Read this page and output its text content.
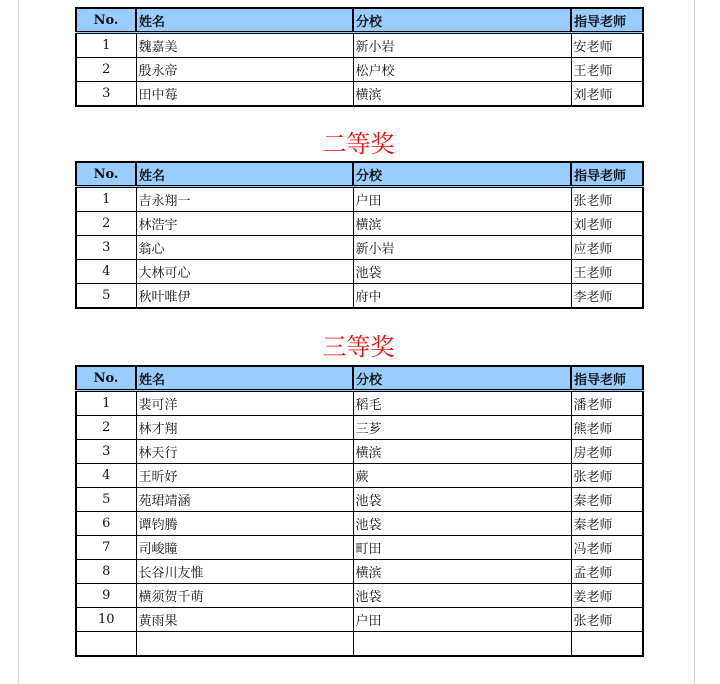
No.	姓名	分校	指导老师
1	魏嘉美	新小岩	安老师
2	殷永帝	松户校	王老师
3	田中莓	横滨	刘老师
二等奖
No.	姓名	分校	指导老师
1	吉永翔一	户田	张老师
2	林浩宇	横滨	刘老师
3	翁心	新小岩	应老师
4	大林可心	池袋	王老师
5	秋叶唯伊	府中	李老师
三等奖
No.	姓名	分校	指导老师
1	裴可洋	稻毛	潘老师
2	林才翔	三芗	熊老师
3	林天行	横滨	房老师
4	王昕妤	蕨	张老师
5	苑珺靖涵	池袋	秦老师
6	谭钧腾	池袋	秦老师
7	司峻瞳	町田	冯老师
8	长谷川友惟	横滨	孟老师
9	横须贺千萌	池袋	姜老师
10	黄雨果	户田	张老师
